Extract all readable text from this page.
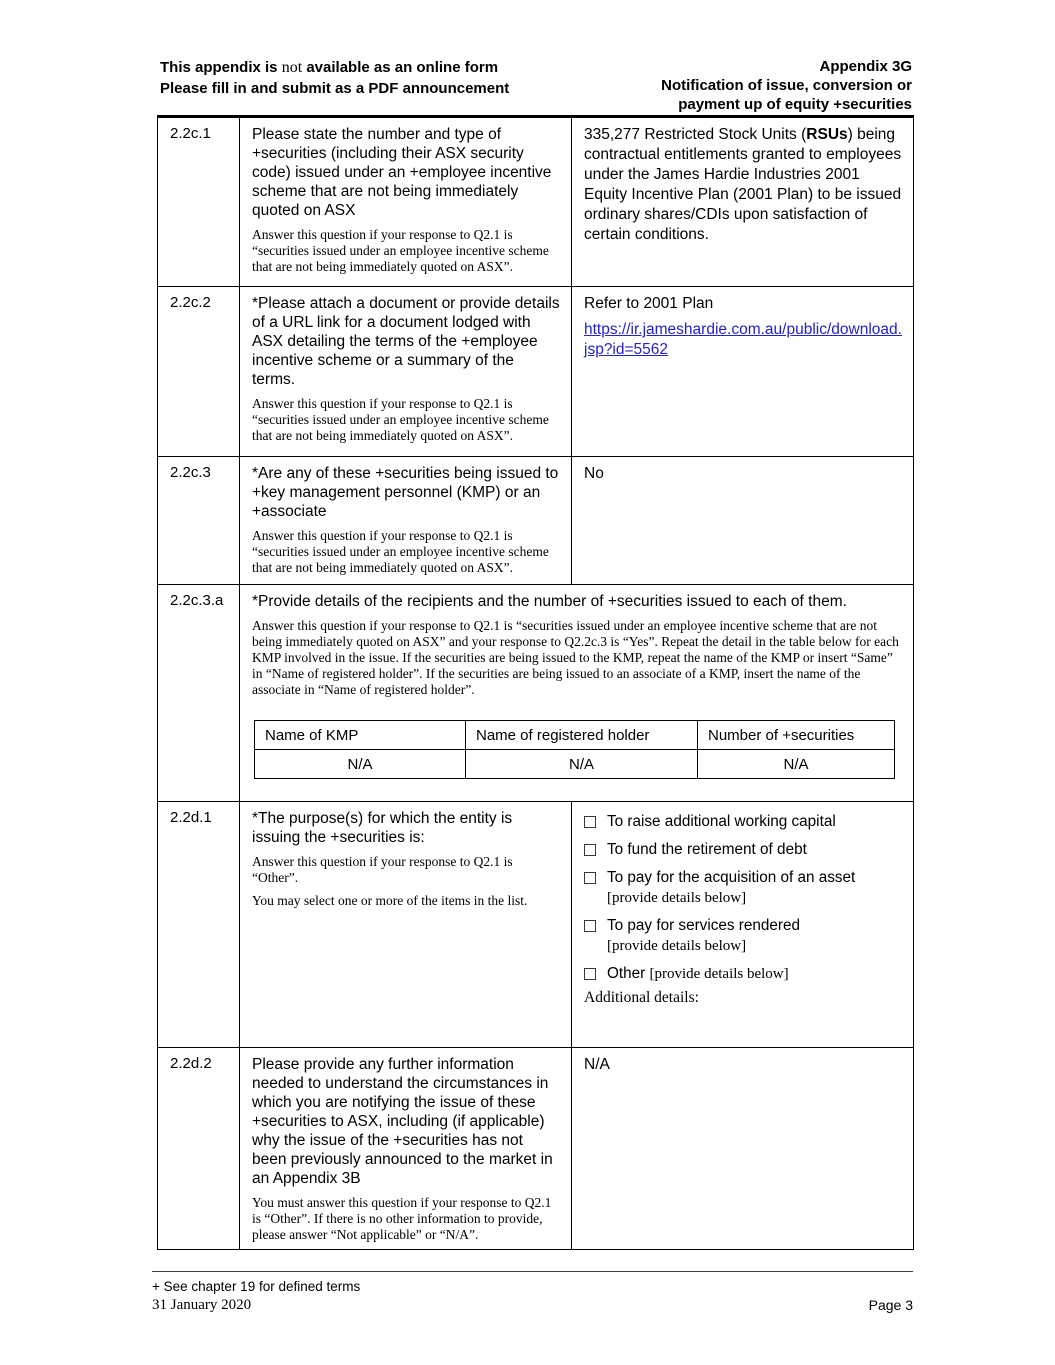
This appendix is not available as an online form
Please fill in and submit as a PDF announcement
Appendix 3G
Notification of issue, conversion or
payment up of equity +securities
2.2c.1	Please state the number and type of +securities (including their ASX security code) issued under an +employee incentive scheme that are not being immediately quoted on ASX
Answer this question if your response to Q2.1 is “securities issued under an employee incentive scheme that are not being immediately quoted on ASX”.

335,277 Restricted Stock Units (RSUs) being contractual entitlements granted to employees under the James Hardie Industries 2001 Equity Incentive Plan (2001 Plan) to be issued ordinary shares/CDIs upon satisfaction of certain conditions.

2.2c.2	*Please attach a document or provide details of a URL link for a document lodged with ASX detailing the terms of the +employee incentive scheme or a summary of the terms.
Answer this question if your response to Q2.1 is “securities issued under an employee incentive scheme that are not being immediately quoted on ASX”.

Refer to 2001 Plan
https://ir.jameshardie.com.au/public/download.jsp?id=5562
2.2c.3	*Are any of these +securities being issued to +key management personnel (KMP) or an +associate
Answer this question if your response to Q2.1 is “securities issued under an employee incentive scheme that are not being immediately quoted on ASX”.

No

2.2c.3.a	*Provide details of the recipients and the number of +securities issued to each of them.
Answer this question if your response to Q2.1 is “securities issued under an employee incentive scheme that are not being immediately quoted on ASX” and your response to Q2.2c.3 is “Yes”. Repeat the detail in the table below for each KMP involved in the issue. If the securities are being issued to the KMP, repeat the name of the KMP or insert “Same” in “Name of registered holder”. If the securities are being issued to an associate of a KMP, insert the name of the associate in “Name of registered holder”.
Name of KMP	Name of registered holder	Number of +securities
N/A	N/A	N/A

2.2d.1	*The purpose(s) for which the entity is issuing the +securities is:
Answer this question if your response to Q2.1 is “Other”.
You may select one or more of the items in the list.

To raise additional working capital
To fund the retirement of debt
To pay for the acquisition of an asset
[provide details below]
To pay for services rendered
[provide details below]
Other [provide details below]
Additional details:

2.2d.2	Please provide any further information needed to understand the circumstances in which you are notifying the issue of these +securities to ASX, including (if applicable) why the issue of the +securities has not been previously announced to the market in an Appendix 3B
You must answer this question if your response to Q2.1 is “Other”. If there is no other information to provide, please answer “Not applicable” or “N/A”.

N/A
+ See chapter 19 for defined terms
31 January 2020	Page 3
